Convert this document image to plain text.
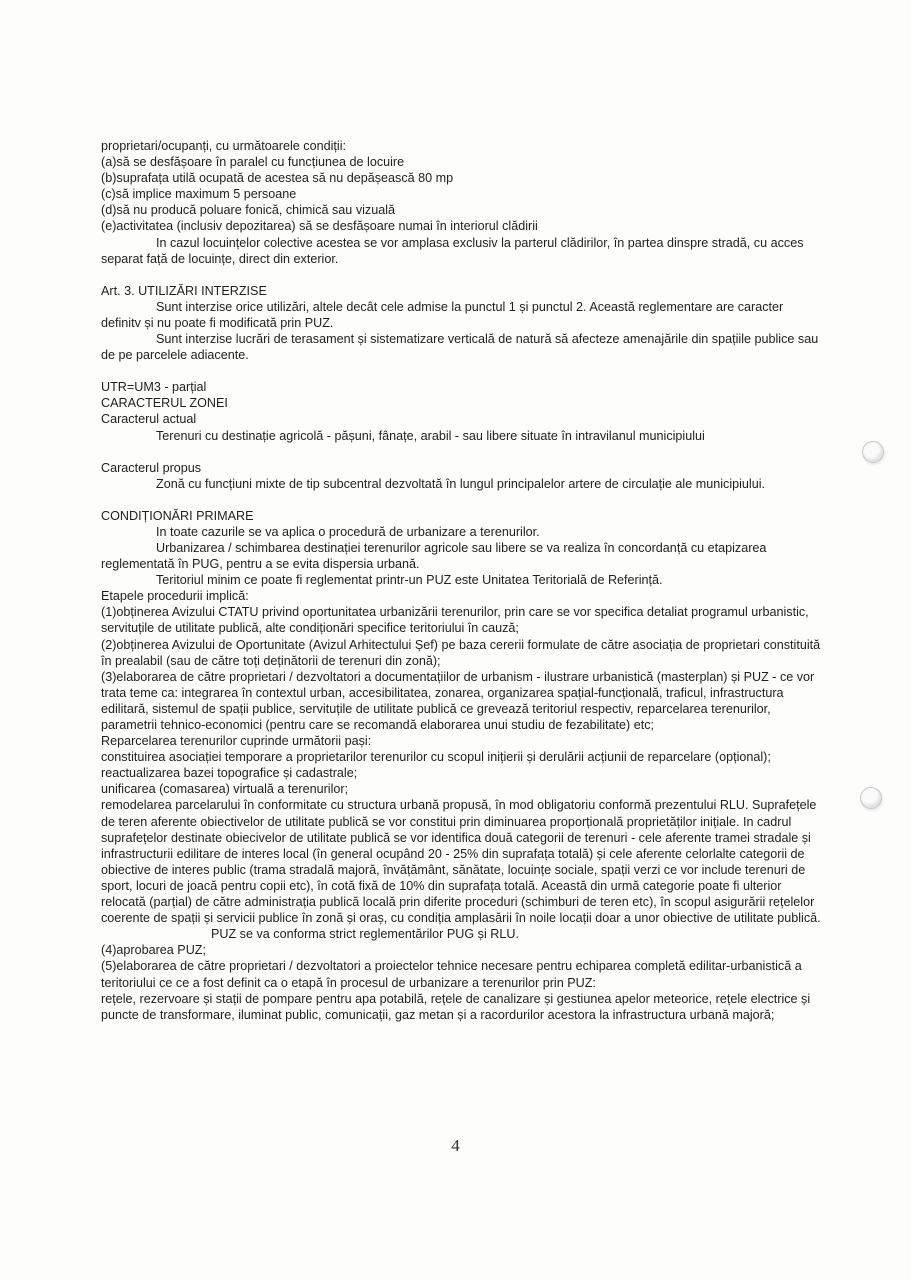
proprietari/ocupanți, cu următoarele condiții:

(a)să se desfășoare în paralel cu funcțiunea de locuire

(b)suprafața utilă ocupată de acestea să nu depășească 80 mp

(c)să implice maximum 5 persoane

(d)să nu producă poluare fonică, chimică sau vizuală

(e)activitatea (inclusiv depozitarea) să se desfășoare numai în interiorul clădirii

In cazul locuințelor colective acestea se vor amplasa exclusiv la parterul clădirilor, în partea dinspre stradă, cu acces separat față de locuințe, direct din exterior.

Art. 3. UTILIZĂRI INTERZISE

Sunt interzise orice utilizări, altele decât cele admise la punctul 1 și punctul 2. Această reglementare are caracter definitv și nu poate fi modificată prin PUZ.

Sunt interzise lucrări de terasament și sistematizare verticală de natură să afecteze amenajările din spațiile publice sau de pe parcelele adiacente.

UTR=UM3 - parțial

CARACTERUL ZONEI

Caracterul actual

Terenuri cu destinație agricolă - pășuni, fânațe, arabil - sau libere situate în intravilanul municipiului

Caracterul propus

Zonă cu funcțiuni mixte de tip subcentral dezvoltată în lungul principalelor artere de circulație ale municipiului.

CONDIȚIONĂRI PRIMARE

In toate cazurile se va aplica o procedură de urbanizare a terenurilor.

Urbanizarea / schimbarea destinației terenurilor agricole sau libere se va realiza în concordanță cu etapizarea reglementată în PUG, pentru a se evita dispersia urbană.

Teritoriul minim ce poate fi reglementat printr-un PUZ este Unitatea Teritorială de Referință.

Etapele procedurii implică:

(1)obținerea Avizului CTATU privind oportunitatea urbanizării terenurilor, prin care se vor specifica detaliat programul urbanistic, servituțile de utilitate publică, alte condiționări specifice teritoriului în cauză;

(2)obținerea Avizului de Oportunitate (Avizul Arhitectului Șef) pe baza cererii formulate de către asociația de proprietari constituită în prealabil (sau de către toți deținătorii de terenuri din zonă);

(3)elaborarea de către proprietari / dezvoltatori a documentațiilor de urbanism - ilustrare urbanistică (masterplan) și PUZ - ce vor trata teme ca: integrarea în contextul urban, accesibilitatea, zonarea, organizarea spațial-funcțională, traficul, infrastructura edilitară, sistemul de spații publice, servituțile de utilitate publică ce grevează teritoriul respectiv, reparcelarea terenurilor, parametrii tehnico-economici (pentru care se recomandă elaborarea unui studiu de fezabilitate) etc;

Reparcelarea terenurilor cuprinde următorii pași:

constituirea asociației temporare a proprietarilor terenurilor cu scopul inițierii și derulării acțiunii de reparcelare (opțional);

reactualizarea bazei topografice și cadastrale;

unificarea (comasarea) virtuală a terenurilor;

remodelarea parcelarului în conformitate cu structura urbană propusă, în mod obligatoriu conformă prezentului RLU. Suprafețele de teren aferente obiectivelor de utilitate publică se vor constitui prin diminuarea proporțională proprietăților inițiale. In cadrul suprafețelor destinate obiecivelor de utilitate publică se vor identifica două categorii de terenuri - cele aferente tramei stradale și infrastructurii edilitare de interes local (în general ocupând 20 - 25% din suprafața totală) și cele aferente celorlalte categorii de obiective de interes public (trama stradală majoră, învățământ, sănătate, locuințe sociale, spații verzi ce vor include terenuri de sport, locuri de joacă pentru copii etc), în cotă fixă de 10% din suprafața totală. Această din urmă categorie poate fi ulterior relocată (parțial) de către administrația publică locală prin diferite proceduri (schimburi de teren etc), în scopul asigurării rețelelor coerente de spații și servicii publice în zonă și oraș, cu condiția amplasării în noile locații doar a unor obiective de utilitate publică.

PUZ se va conforma strict reglementărilor PUG și RLU.

(4)aprobarea PUZ;

(5)elaborarea de către proprietari / dezvoltatori a proiectelor tehnice necesare pentru echiparea completă edilitar-urbanistică a teritoriului ce ce a fost definit ca o etapă în procesul de urbanizare a terenurilor prin PUZ:

rețele, rezervoare și stații de pompare pentru apa potabilă, rețele de canalizare și gestiunea apelor meteorice, rețele electrice și puncte de transformare, iluminat public, comunicații, gaz metan și a racordurilor acestora la infrastructura urbană majoră;

4
